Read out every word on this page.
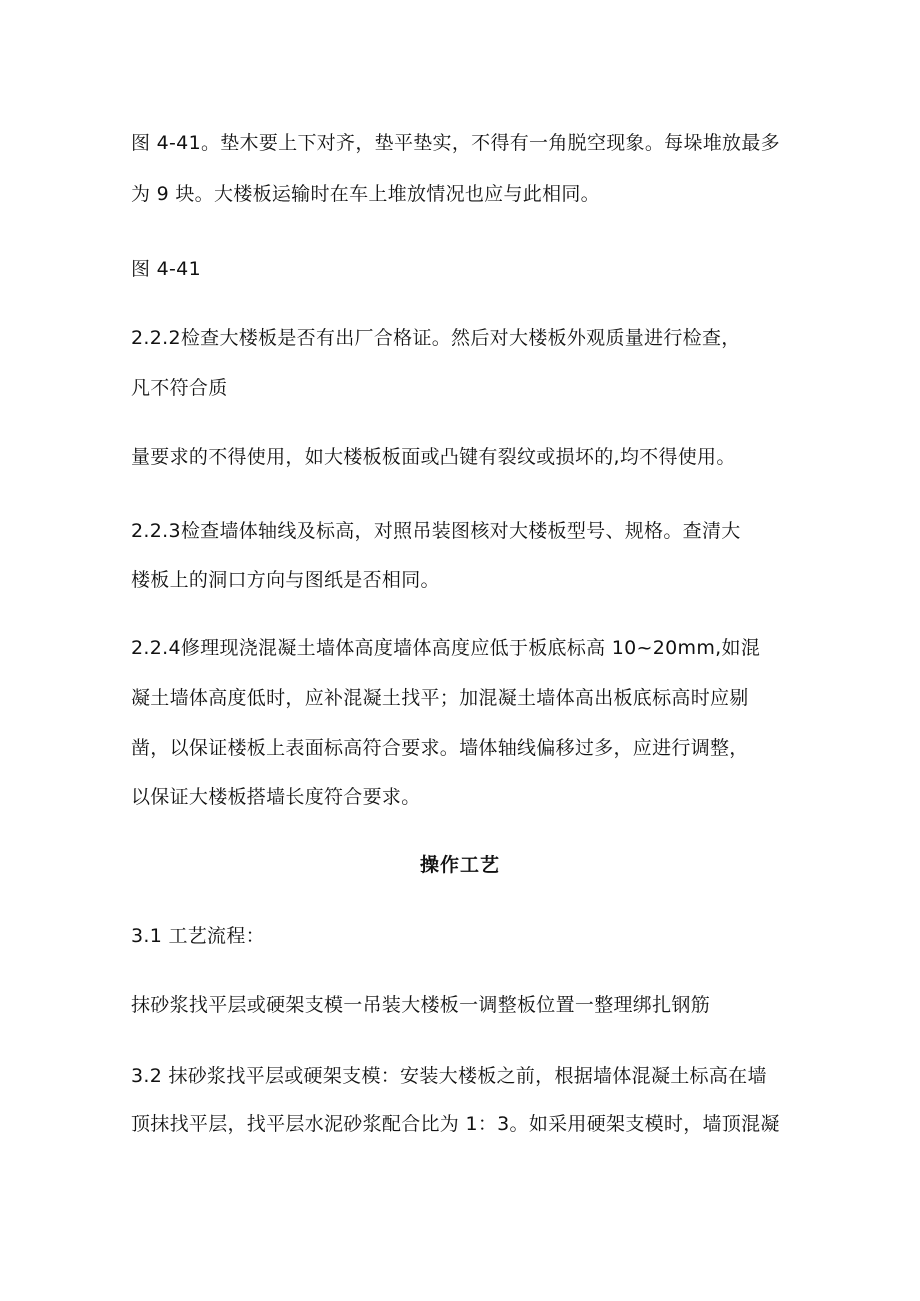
图 4-41。垫木要上下对齐，垫平垫实，不得有一角脱空现象。每垛堆放最多
为 9 块。大楼板运输时在车上堆放情况也应与此相同。
图 4-41
2.2.2检查大楼板是否有出厂合格证。然后对大楼板外观质量进行检查，
凡不符合质
量要求的不得使用，如大楼板板面或凸键有裂纹或损坏的,均不得使用。
2.2.3检查墙体轴线及标高，对照吊装图核对大楼板型号、规格。查清大
楼板上的洞口方向与图纸是否相同。
2.2.4修理现浇混凝土墙体高度墙体高度应低于板底标高 10~20mm,如混
凝土墙体高度低时，应补混凝土找平；加混凝土墙体高出板底标高时应剔
凿，以保证楼板上表面标高符合要求。墙体轴线偏移过多，应进行调整，
以保证大楼板搭墙长度符合要求。
操作工艺
3.1 工艺流程：
抹砂浆找平层或硬架支模一吊装大楼板一调整板位置一整理绑扎钢筋
3.2 抹砂浆找平层或硬架支模：安装大楼板之前，根据墙体混凝土标高在墙
顶抹找平层，找平层水泥砂浆配合比为 1：3。如采用硬架支模时，墙顶混凝
